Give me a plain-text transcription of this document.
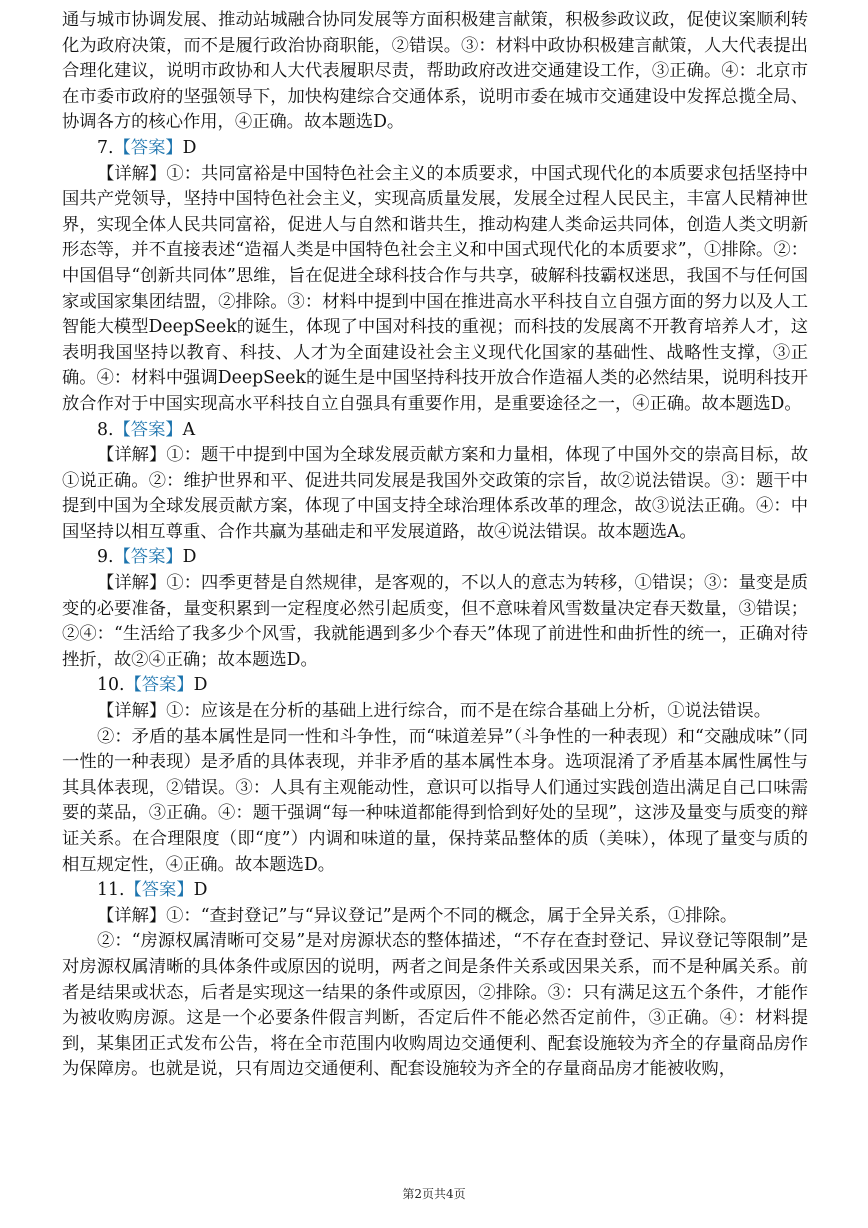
通与城市协调发展、推动站城融合协同发展等方面积极建言献策，积极参政议政，促使议案顺利转化为政府决策，而不是履行政治协商职能，②错误。③：材料中政协积极建言献策，人大代表提出合理化建议，说明市政协和人大代表履职尽责，帮助政府改进交通建设工作，③正确。④：北京市在市委市政府的坚强领导下，加快构建综合交通体系，说明市委在城市交通建设中发挥总揽全局、协调各方的核心作用，④正确。故本题选D。

7.【答案】D

【详解】①：共同富裕是中国特色社会主义的本质要求，中国式现代化的本质要求包括坚持中国共产党领导，坚持中国特色社会主义，实现高质量发展，发展全过程人民民主，丰富人民精神世界，实现全体人民共同富裕，促进人与自然和谐共生，推动构建人类命运共同体，创造人类文明新形态等，并不直接表述“造福人类是中国特色社会主义和中国式现代化的本质要求”，①排除。②：中国倡导“创新共同体”思维，旨在促进全球科技合作与共享，破解科技霸权迷思，我国不与任何国家或国家集团结盟，②排除。③：材料中提到中国在推进高水平科技自立自强方面的努力以及人工智能大模型DeepSeek的诞生，体现了中国对科技的重视；而科技的发展离不开教育培养人才，这表明我国坚持以教育、科技、人才为全面建设社会主义现代化国家的基础性、战略性支撑，③正确。④：材料中强调DeepSeek的诞生是中国坚持科技开放合作造福人类的必然结果，说明科技开放合作对于中国实现高水平科技自立自强具有重要作用，是重要途径之一，④正确。故本题选D。

8.【答案】A

【详解】①：题干中提到中国为全球发展贡献方案和力量相，体现了中国外交的崇高目标，故①说正确。②：维护世界和平、促进共同发展是我国外交政策的宗旨，故②说法错误。③：题干中提到中国为全球发展贡献方案，体现了中国支持全球治理体系改革的理念，故③说法正确。④：中国坚持以相互尊重、合作共赢为基础走和平发展道路，故④说法错误。故本题选A。

9.【答案】D

【详解】①：四季更替是自然规律，是客观的，不以人的意志为转移，①错误；③：量变是质变的必要准备，量变积累到一定程度必然引起质变，但不意味着风雪数量决定春天数量，③错误；②④：“生活给了我多少个风雪，我就能遇到多少个春天”体现了前进性和曲折性的统一，正确对待挫折，故②④正确；故本题选D。

10.【答案】D

【详解】①：应该是在分析的基础上进行综合，而不是在综合基础上分析，①说法错误。

②：矛盾的基本属性是同一性和斗争性，而“味道差异”（斗争性的一种表现）和“交融成味”（同一性的一种表现）是矛盾的具体表现，并非矛盾的基本属性本身。选项混淆了矛盾基本属性属性与其具体表现，②错误。③：人具有主观能动性，意识可以指导人们通过实践创造出满足自己口味需要的菜品，③正确。④：题干强调“每一种味道都能得到恰到好处的呈现”，这涉及量变与质变的辩证关系。在合理限度（即“度”）内调和味道的量，保持菜品整体的质（美味），体现了量变与质的相互规定性，④正确。故本题选D。

11.【答案】D

【详解】①：“查封登记”与“异议登记”是两个不同的概念，属于全异关系，①排除。

②：“房源权属清晰可交易”是对房源状态的整体描述，“不存在查封登记、异议登记等限制”是对房源权属清晰的具体条件或原因的说明，两者之间是条件关系或因果关系，而不是种属关系。前者是结果或状态，后者是实现这一结果的条件或原因，②排除。③：只有满足这五个条件，才能作为被收购房源。这是一个必要条件假言判断，否定后件不能必然否定前件，③正确。④：材料提到，某集团正式发布公告，将在全市范围内收购周边交通便利、配套设施较为齐全的存量商品房作为保障房。也就是说，只有周边交通便利、配套设施较为齐全的存量商品房才能被收购，

第2页共4页
